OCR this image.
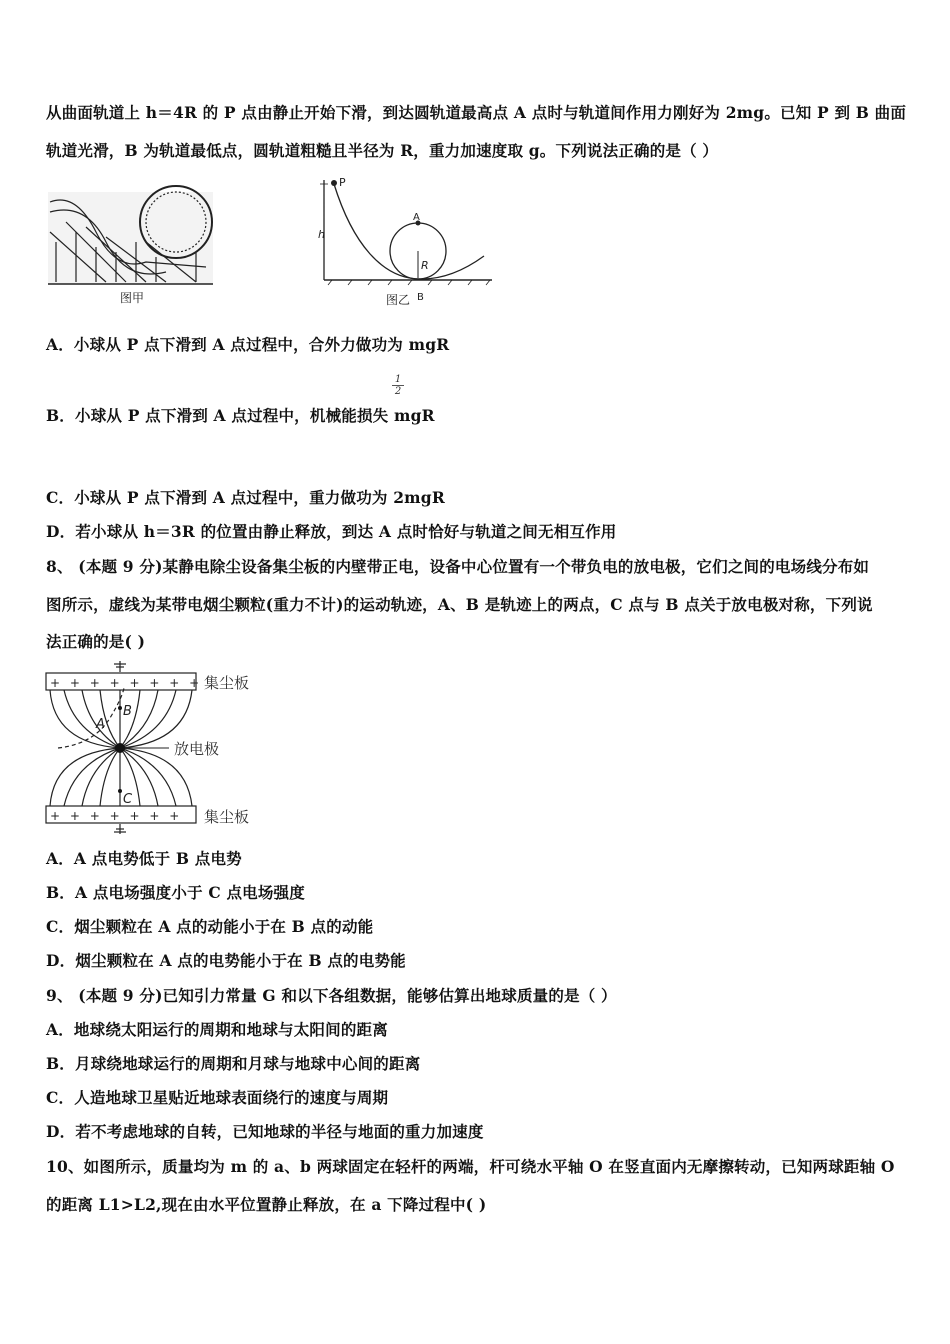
从曲面轨道上 h＝4R 的 P 点由静止开始下滑，到达圆轨道最高点 A 点时与轨道间作用力刚好为 2mg。已知 P 到 B 曲面
轨道光滑，B 为轨道最低点，圆轨道粗糙且半径为 R，重力加速度取 g。下列说法正确的是（ ）
图甲
P
h
A
R
图乙 B
A．小球从 P 点下滑到 A 点过程中，合外力做功为 mgR
$\frac{1}{2}$
B．小球从 P 点下滑到 A 点过程中，机械能损失 mgR
C．小球从 P 点下滑到 A 点过程中，重力做功为 2mgR
D．若小球从 h＝3R 的位置由静止释放，到达 A 点时恰好与轨道之间无相互作用
8、 (本题 9 分)某静电除尘设备集尘板的内壁带正电，设备中心位置有一个带负电的放电极，它们之间的电场线分布如
图所示，虚线为某带电烟尘颗粒(重力不计)的运动轨迹，A、B 是轨迹上的两点，C 点与 B 点关于放电极对称，下列说
法正确的是( )
+ + + + + + + +
+ + + + + + +
集尘板
放电极
集尘板
A
B
C
A．A 点电势低于 B 点电势
B．A 点电场强度小于 C 点电场强度
C．烟尘颗粒在 A 点的动能小于在 B 点的动能
D．烟尘颗粒在 A 点的电势能小于在 B 点的电势能
9、 (本题 9 分)已知引力常量 G 和以下各组数据，能够估算出地球质量的是（ ）
A．地球绕太阳运行的周期和地球与太阳间的距离
B．月球绕地球运行的周期和月球与地球中心间的距离
C．人造地球卫星贴近地球表面绕行的速度与周期
D．若不考虑地球的自转，已知地球的半径与地面的重力加速度
10、如图所示，质量均为 m 的 a、b 两球固定在轻杆的两端，杆可绕水平轴 O 在竖直面内无摩擦转动，已知两球距轴 O
的距离 L1>L2,现在由水平位置静止释放，在 a 下降过程中( )
